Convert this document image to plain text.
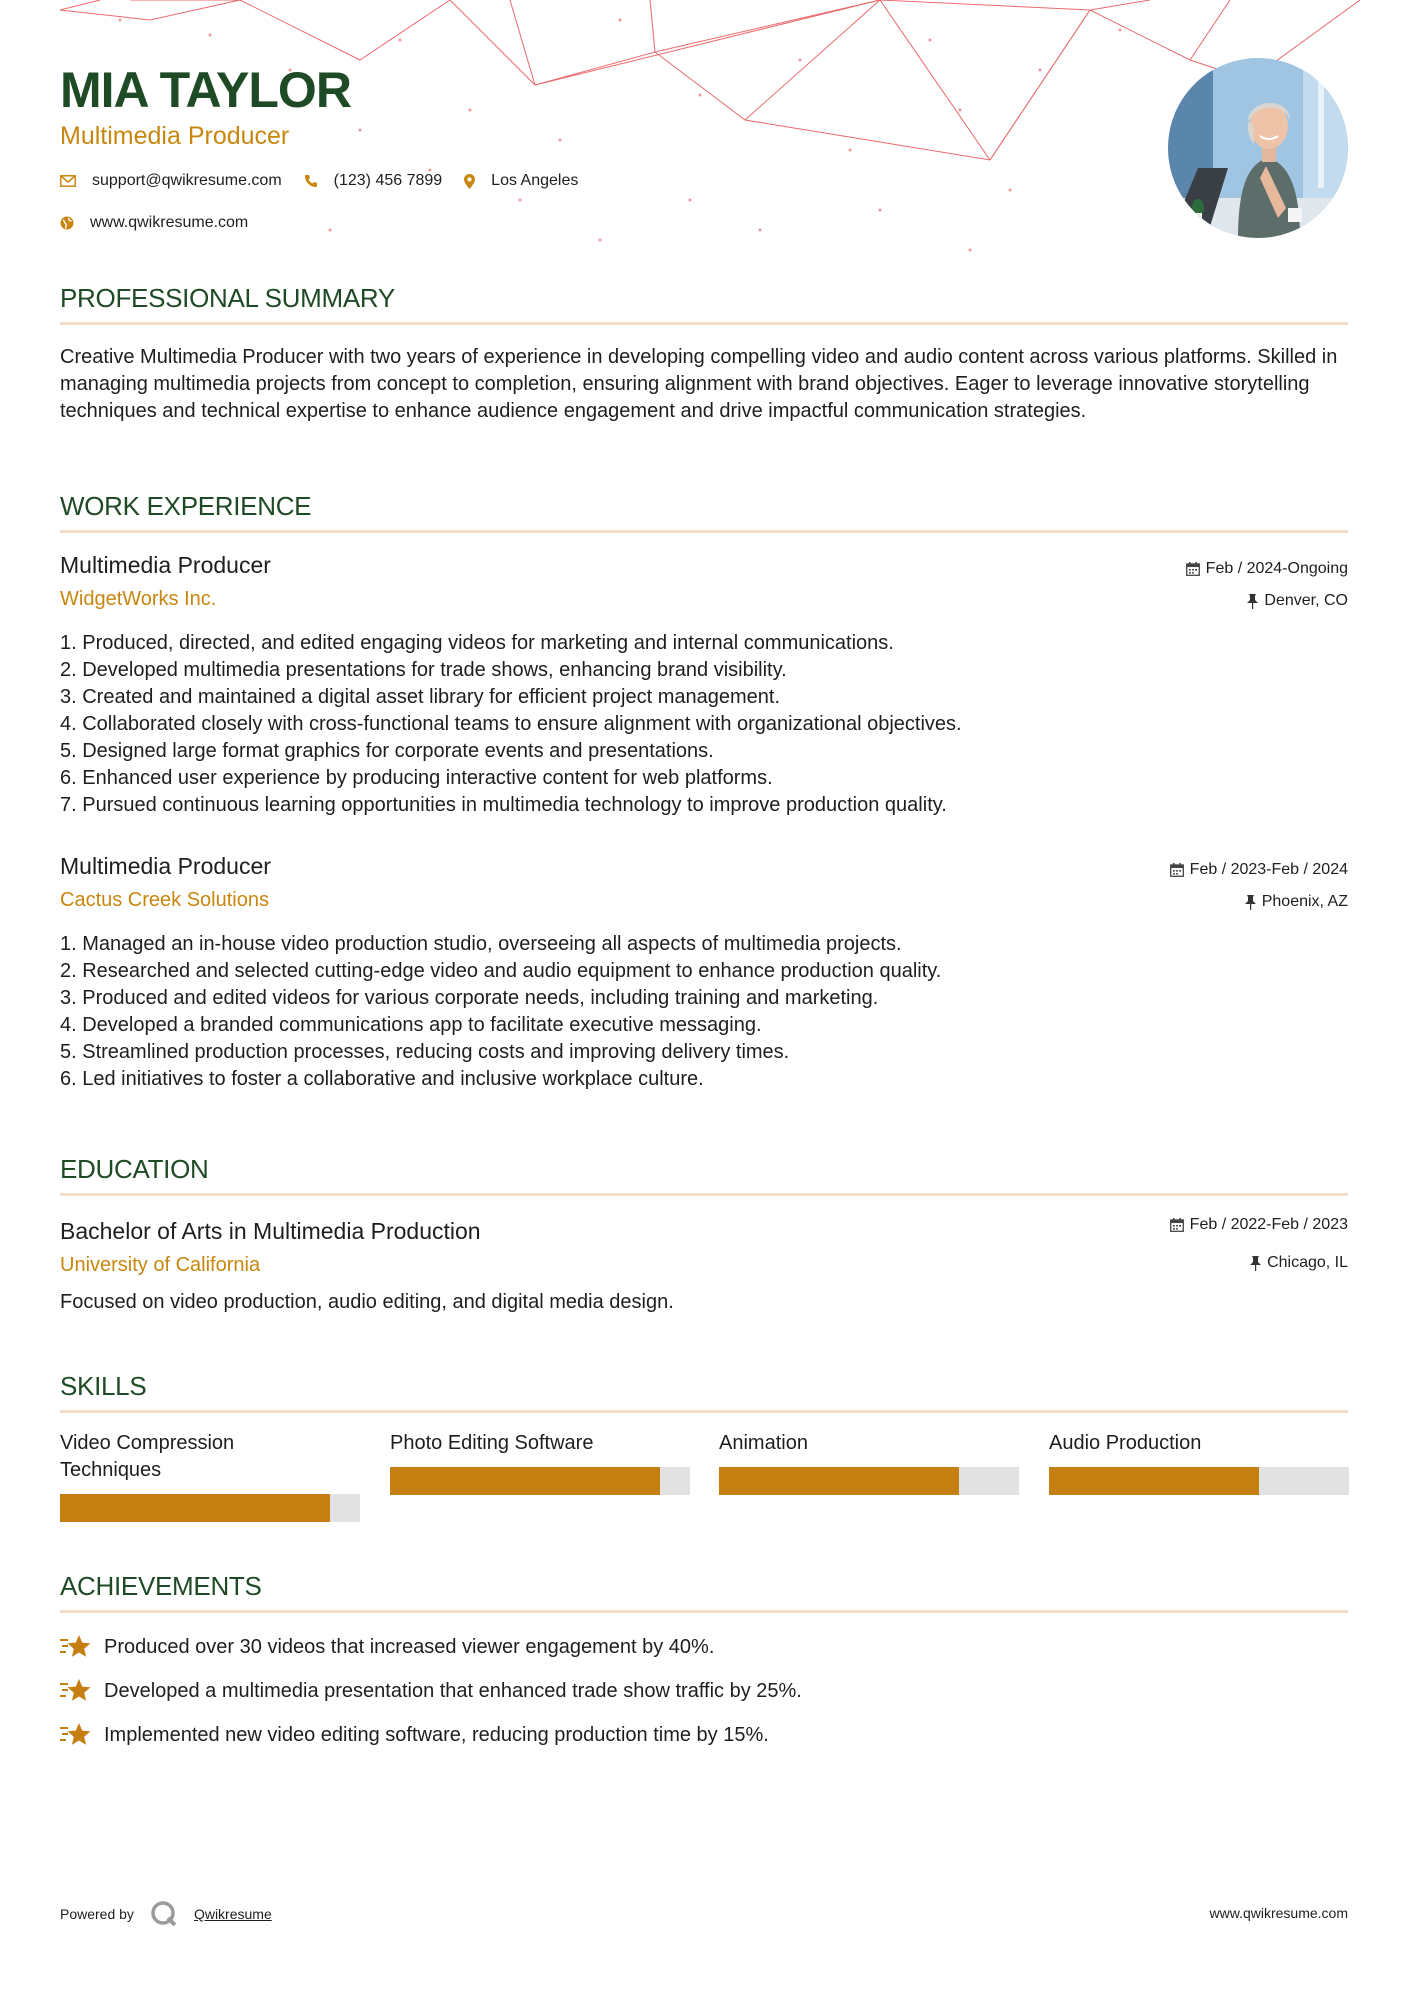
MIA TAYLOR
Multimedia Producer
support@qwikresume.com	(123) 456 7899	Los Angeles
www.qwikresume.com
PROFESSIONAL SUMMARY

Creative Multimedia Producer with two years of experience in developing compelling video and audio content across various platforms. Skilled in managing multimedia projects from concept to completion, ensuring alignment with brand objectives. Eager to leverage innovative storytelling techniques and technical expertise to enhance audience engagement and drive impactful communication strategies.

WORK EXPERIENCE
Multimedia Producer
WidgetWorks Inc.
Feb / 2024-Ongoing
Denver, CO
1. Produced, directed, and edited engaging videos for marketing and internal communications.
2. Developed multimedia presentations for trade shows, enhancing brand visibility.
3. Created and maintained a digital asset library for efficient project management.
4. Collaborated closely with cross-functional teams to ensure alignment with organizational objectives.
5. Designed large format graphics for corporate events and presentations.
6. Enhanced user experience by producing interactive content for web platforms.
7. Pursued continuous learning opportunities in multimedia technology to improve production quality.
Multimedia Producer
Cactus Creek Solutions
Feb / 2023-Feb / 2024
Phoenix, AZ
1. Managed an in-house video production studio, overseeing all aspects of multimedia projects.
2. Researched and selected cutting-edge video and audio equipment to enhance production quality.
3. Produced and edited videos for various corporate needs, including training and marketing.
4. Developed a branded communications app to facilitate executive messaging.
5. Streamlined production processes, reducing costs and improving delivery times.
6. Led initiatives to foster a collaborative and inclusive workplace culture.
EDUCATION
Bachelor of Arts in Multimedia Production
University of California
Feb / 2022-Feb / 2023
Chicago, IL

Focused on video production, audio editing, and digital media design.

SKILLS
Video Compression Techniques
Photo Editing Software	Animation	Audio Production
ACHIEVEMENTS
Produced over 30 videos that increased viewer engagement by 40%.
Developed a multimedia presentation that enhanced trade show traffic by 25%.
Implemented new video editing software, reducing production time by 15%.
Powered by	Qwikresume	www.qwikresume.com
